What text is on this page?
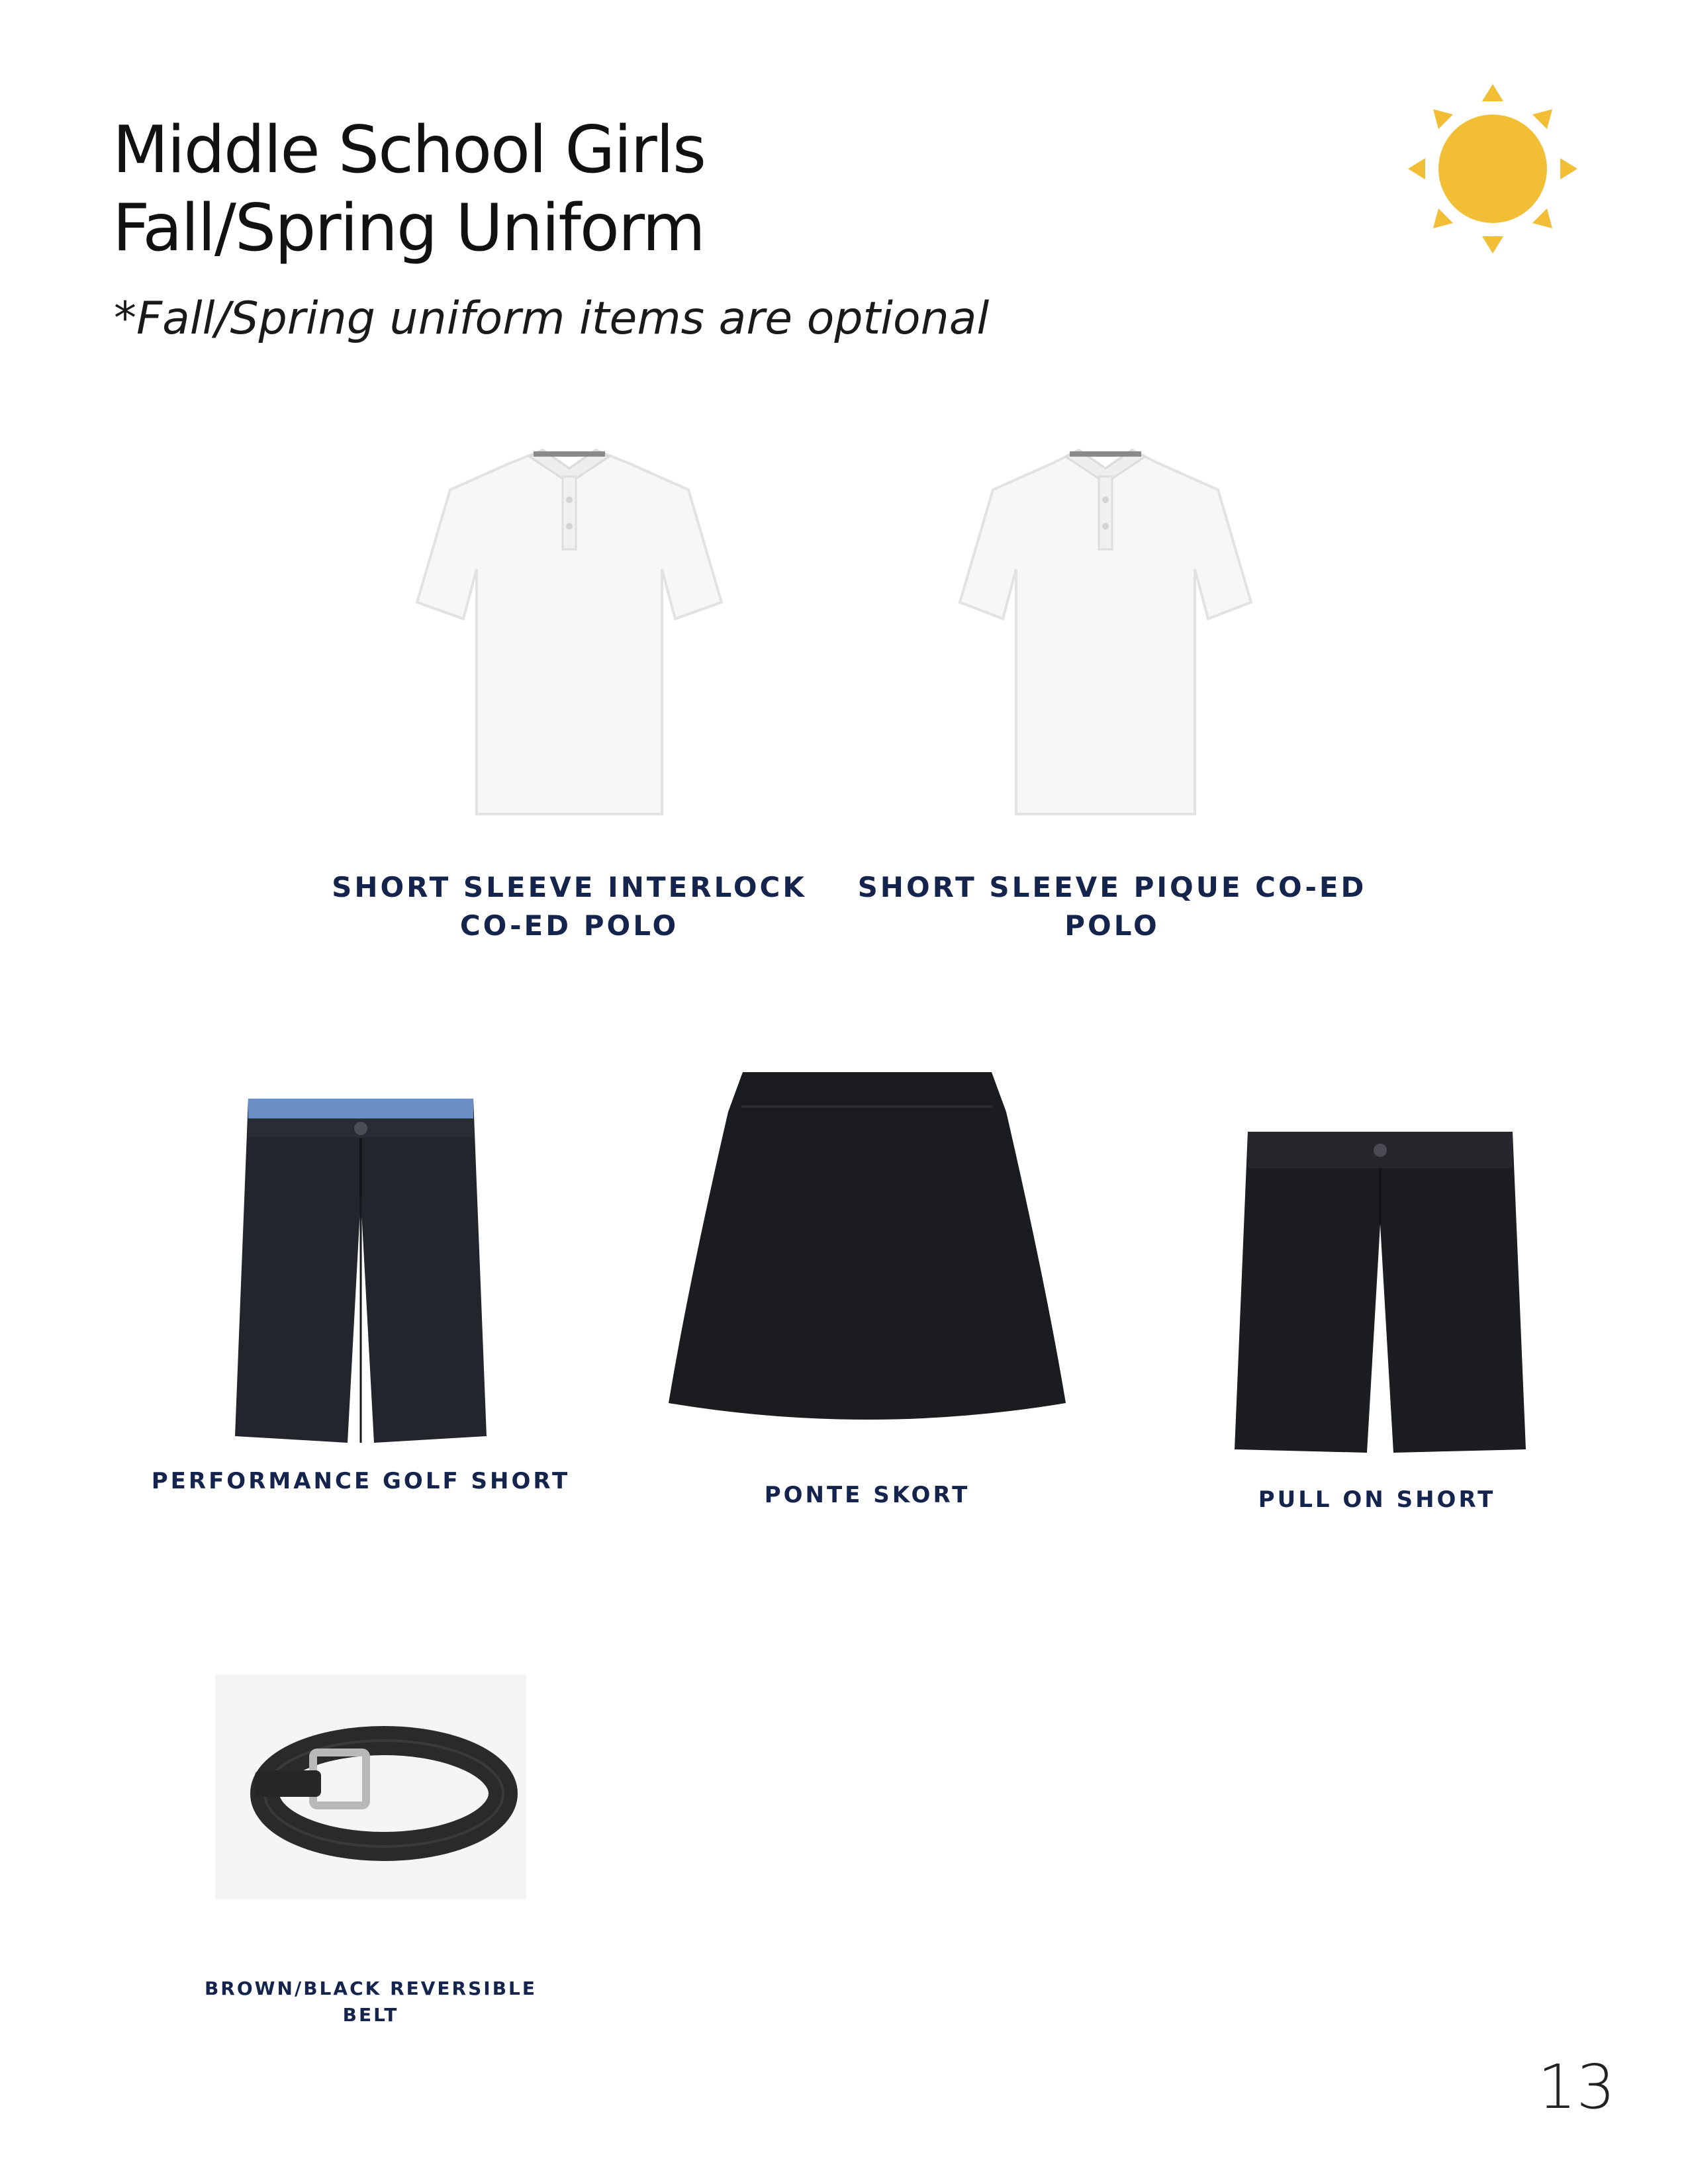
Middle School Girls
Fall/Spring Uniform
*Fall/Spring uniform items are optional
SHORT SLEEVE INTERLOCK
CO-ED POLO
SHORT SLEEVE PIQUE CO-ED
POLO
PERFORMANCE GOLF SHORT
PONTE SKORT	PULL ON SHORT
BROWN/BLACK REVERSIBLE
BELT
13
